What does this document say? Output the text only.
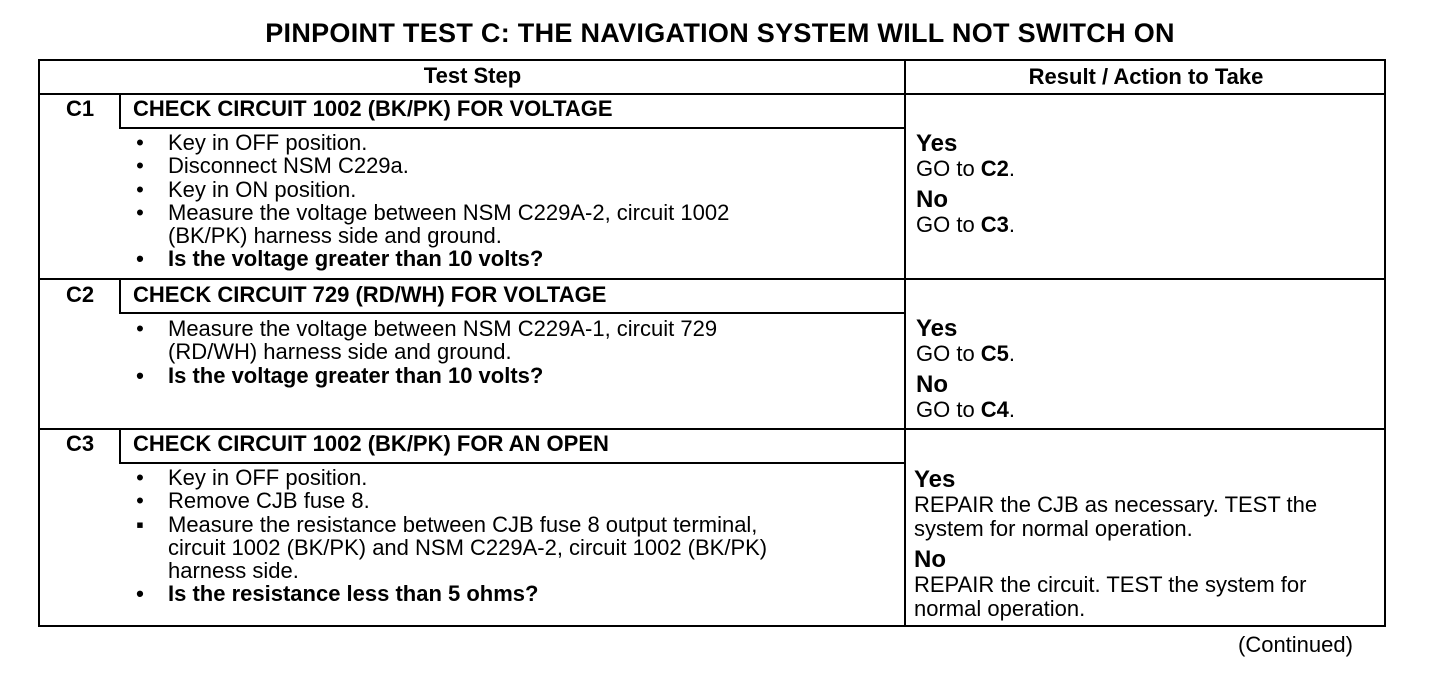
PINPOINT TEST C: THE NAVIGATION SYSTEM WILL NOT SWITCH ON
Test Step	Result / Action to Take
C1	CHECK CIRCUIT 1002 (BK/PK) FOR VOLTAGE
• Key in OFF position.
• Disconnect NSM C229a.
• Key in ON position.
• Measure the voltage between NSM C229A-2, circuit 1002
(BK/PK) harness side and ground.
• Is the voltage greater than 10 volts?
Yes
GO to C2.
No
GO to C3.
C2	CHECK CIRCUIT 729 (RD/WH) FOR VOLTAGE
• Measure the voltage between NSM C229A-1, circuit 729
(RD/WH) harness side and ground.
• Is the voltage greater than 10 volts?
Yes
GO to C5.
No
GO to C4.
C3	CHECK CIRCUIT 1002 (BK/PK) FOR AN OPEN
• Key in OFF position.
• Remove CJB fuse 8.
▪ Measure the resistance between CJB fuse 8 output terminal,
circuit 1002 (BK/PK) and NSM C229A-2, circuit 1002 (BK/PK)
harness side.
• Is the resistance less than 5 ohms?
Yes
REPAIR the CJB as necessary. TEST the
system for normal operation.
No
REPAIR the circuit. TEST the system for
normal operation.
(Continued)
